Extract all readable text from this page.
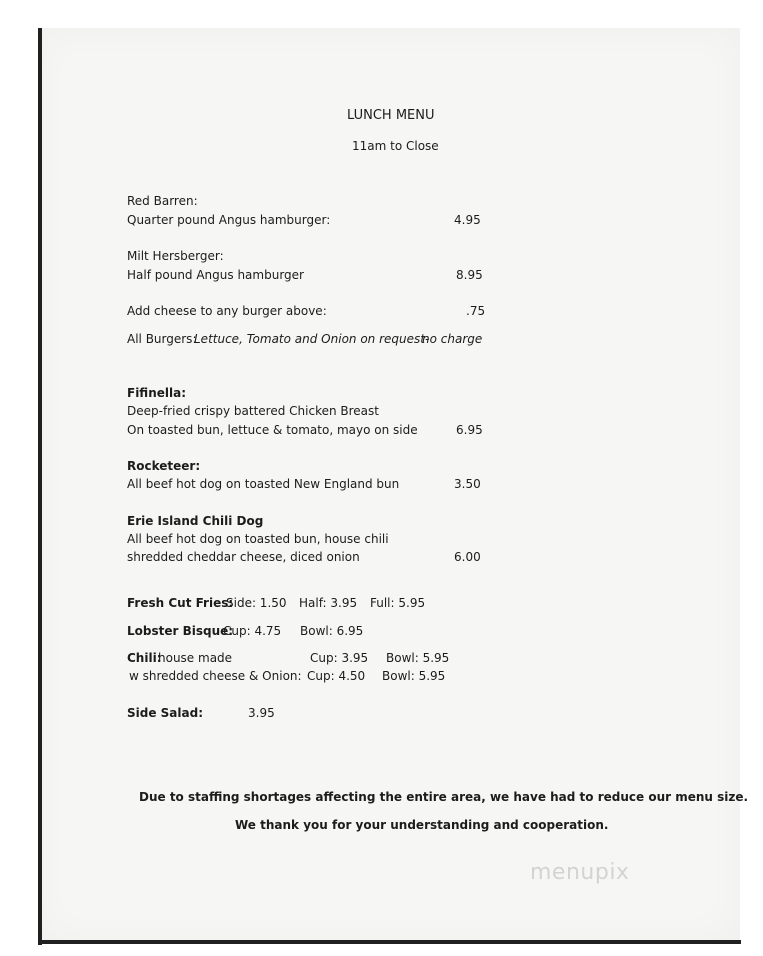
LUNCH MENU
11am to Close
Red Barren:
Quarter pound Angus hamburger:	4.95
Milt Hersberger:
Half pound Angus hamburger	8.95
Add cheese to any burger above:	.75
All Burgers:
Lettuce, Tomato and Onion on request-
no charge
Fifinella:
Deep-fried crispy battered Chicken Breast
On toasted bun, lettuce & tomato, mayo on side	6.95
Rocketeer:
All beef hot dog on toasted New England bun	3.50
Erie Island Chili Dog
All beef hot dog on toasted bun, house chili
shredded cheddar cheese, diced onion	6.00
Fresh Cut Fries:
Side: 1.50 Half: 3.95 Full: 5.95
Lobster Bisque:
Cup: 4.75 Bowl: 6.95
Chili:
house made	Cup: 3.95 Bowl: 5.95
w shredded cheese & Onion: Cup: 4.50 Bowl: 5.95
Side Salad:	3.95
Due to staffing shortages affecting the entire area, we have had to reduce our menu size.
We thank you for your understanding and cooperation.
menupix
